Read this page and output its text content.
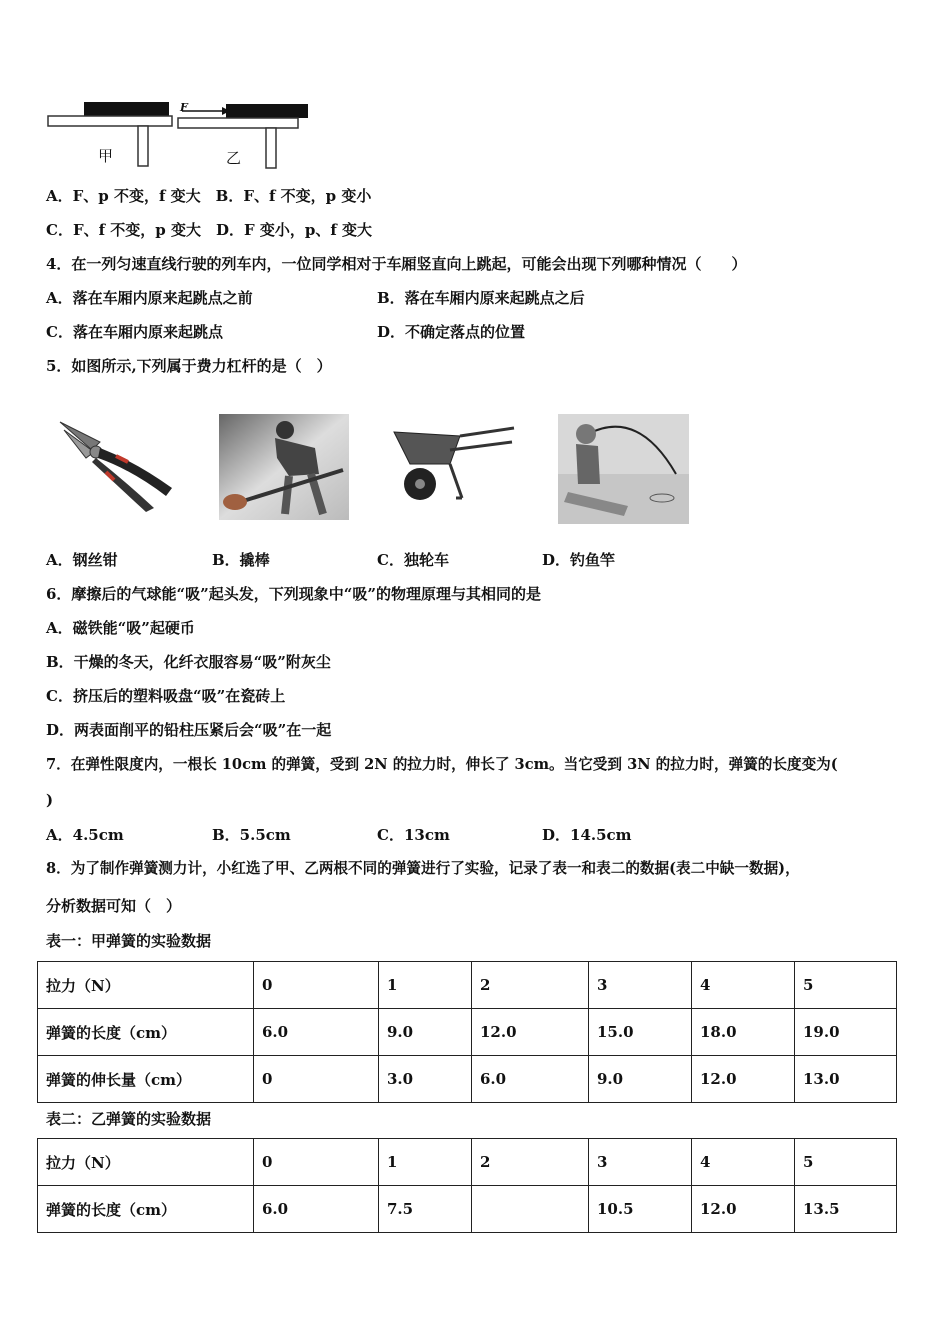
甲	乙
F
A．F、p 不变，f 变大　B．F、f 不变，p 变小
C．F、f 不变，p 变大　D．F 变小，p、f 变大
4．在一列匀速直线行驶的列车内，一位同学相对于车厢竖直向上跳起，可能会出现下列哪种情况（　　）
A．落在车厢内原来起跳点之前	B．落在车厢内原来起跳点之后
C．落在车厢内原来起跳点	D．不确定落点的位置
5．如图所示,下列属于费力杠杆的是（　）
A．钢丝钳	B．撬棒	C．独轮车	D．钓鱼竿
6．摩擦后的气球能“吸”起头发，下列现象中“吸”的物理原理与其相同的是
A．磁铁能“吸”起硬币
B．干燥的冬天，化纤衣服容易“吸”附灰尘
C．挤压后的塑料吸盘“吸”在瓷砖上
D．两表面削平的铅柱压紧后会“吸”在一起
7．在弹性限度内，一根长 10cm 的弹簧，受到 2N 的拉力时，伸长了 3cm。当它受到 3N 的拉力时，弹簧的长度变为(
)
A．4.5cm	B．5.5cm	C．13cm	D．14.5cm
8．为了制作弹簧测力计，小红选了甲、乙两根不同的弹簧进行了实验，记录了表一和表二的数据(表二中缺一数据)，
分析数据可知（　）
表一：甲弹簧的实验数据
拉力（N）	0	1	2	3	4	5
弹簧的长度（cm）	6.0	9.0	12.0	15.0	18.0	19.0
弹簧的伸长量（cm）	0	3.0	6.0	9.0	12.0	13.0
表二：乙弹簧的实验数据
拉力（N）	0	1	2	3	4	5
弹簧的长度（cm）	6.0	7.5		10.5	12.0	13.5
